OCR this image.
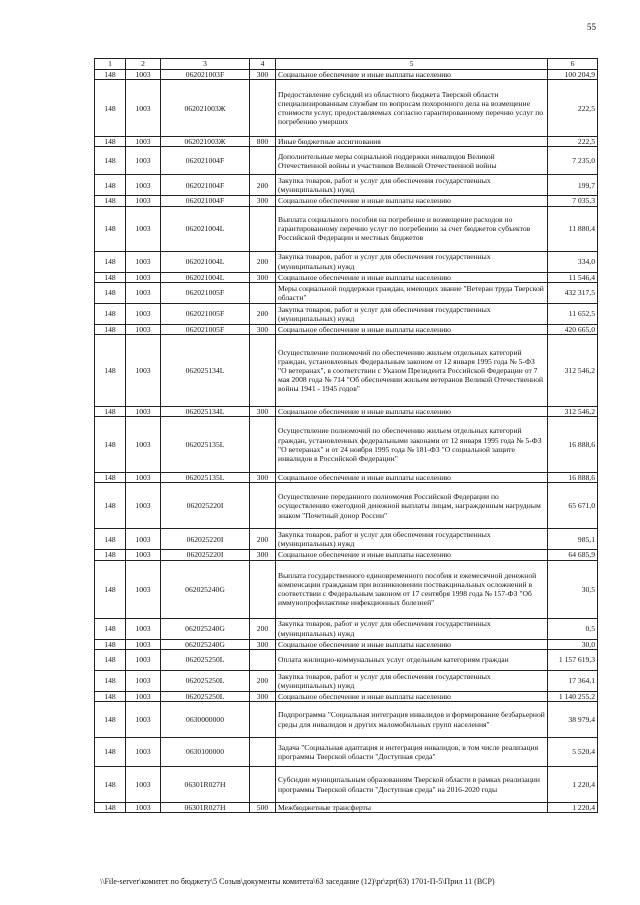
55
1	2	3	4	5	6
148	1003	062021003F	300	Социальное обеспечение и иные выплаты населению	100 204,9
148	1003	062021003Ж		Предоставление субсидий из областного бюджета Тверской области специализированным службам по вопросам похоронного дела на возмещение стоимости услуг, предоставляемых согласно гарантированному перечню услуг по погребению умерших	222,5
148	1003	062021003Ж	800	Иные бюджетные ассигнования	222,5
148	1003	062021004F		Дополнительные меры социальной поддержки инвалидов Великой Отечественной войны и участников Великой Отечественной войны	7 235,0
148	1003	062021004F	200	Закупка товаров, работ и услуг для обеспечения государственных (муниципальных) нужд	199,7
148	1003	062021004F	300	Социальное обеспечение и иные выплаты населению	7 035,3
148	1003	062021004L		Выплата социального пособия на погребение и возмещение расходов по гарантированному перечню услуг по погребению за счет бюджетов субъектов Российской Федерации и местных бюджетов	11 880,4
148	1003	062021004L	200	Закупка товаров, работ и услуг для обеспечения государственных (муниципальных) нужд	334,0
148	1003	062021004L	300	Социальное обеспечение и иные выплаты населению	11 546,4
148	1003	062021005F		Меры социальной поддержки граждан, имеющих звание "Ветеран труда Тверской области"	432 317,5
148	1003	062021005F	200	Закупка товаров, работ и услуг для обеспечения государственных (муниципальных) нужд	11 652,5
148	1003	062021005F	300	Социальное обеспечение и иные выплаты населению	420 665,0
148	1003	062025134L		Осуществление полномочий по обеспечению жильем отдельных категорий граждан, установленных Федеральным законом от 12 января 1995 года № 5-ФЗ "О ветеранах", в соответствии с Указом Президента Российской Федерации от 7 мая 2008 года № 714 "Об обеспечении жильем ветеранов Великой Отечественной войны 1941 - 1945 годов"	312 546,2
148	1003	062025134L	300	Социальное обеспечение и иные выплаты населению	312 546,2
148	1003	062025135L		Осуществление полномочий по обеспечению жильем отдельных категорий граждан, установленных федеральными законами от 12 января 1995 года № 5-ФЗ "О ветеранах" и от 24 ноября 1995 года № 181-ФЗ "О социальной защите инвалидов в Российской Федерации"	16 888,6
148	1003	062025135L	300	Социальное обеспечение и иные выплаты населению	16 888,6
148	1003	062025220I		Осуществление переданного полномочия Российской Федерации по осуществлению ежегодной денежной выплаты лицам, награжденным нагрудным знаком "Почетный донор России"	65 671,0
148	1003	062025220I	200	Закупка товаров, работ и услуг для обеспечения государственных (муниципальных) нужд	985,1
148	1003	062025220I	300	Социальное обеспечение и иные выплаты населению	64 685,9
148	1003	062025240G		Выплата государственного единовременного пособия и ежемесячной денежной компенсации гражданам при возникновении поствакцинальных осложнений в соответствии с Федеральным законом от 17 сентября 1998 года № 157-ФЗ "Об иммунопрофилактике инфекционных болезней"	30,5
148	1003	062025240G	200	Закупка товаров, работ и услуг для обеспечения государственных (муниципальных) нужд	0,5
148	1003	062025240G	300	Социальное обеспечение и иные выплаты населению	30,0
148	1003	062025250L		Оплата жилищно-коммунальных услуг отдельным категориям граждан	1 157 619,3
148	1003	062025250L	200	Закупка товаров, работ и услуг для обеспечения государственных (муниципальных) нужд	17 364,1
148	1003	062025250L	300	Социальное обеспечение и иные выплаты населению	1 140 255,2
148	1003	0630000000		Подпрограмма "Социальная интеграция инвалидов и формирование безбарьерной среды для инвалидов и других маломобильных групп населения"	38 979,4
148	1003	0630100000		Задача "Социальная адаптация и интеграция инвалидов, в том числе реализация программы Тверской области "Доступная среда"	5 520,4
148	1003	06301R027H		Субсидии муниципальным образованиям Тверской области в рамках реализации программы Тверской области "Доступная среда" на 2016-2020 годы	1 220,4
148	1003	06301R027H	500	Межбюджетные трансферты	1 220,4
\\File-server\комитет по бюджету\5 Созыв\документы комитета\63 заседание (12)\pr\zpr(63) 1701-П-5\Прил 11 (ВСР)
